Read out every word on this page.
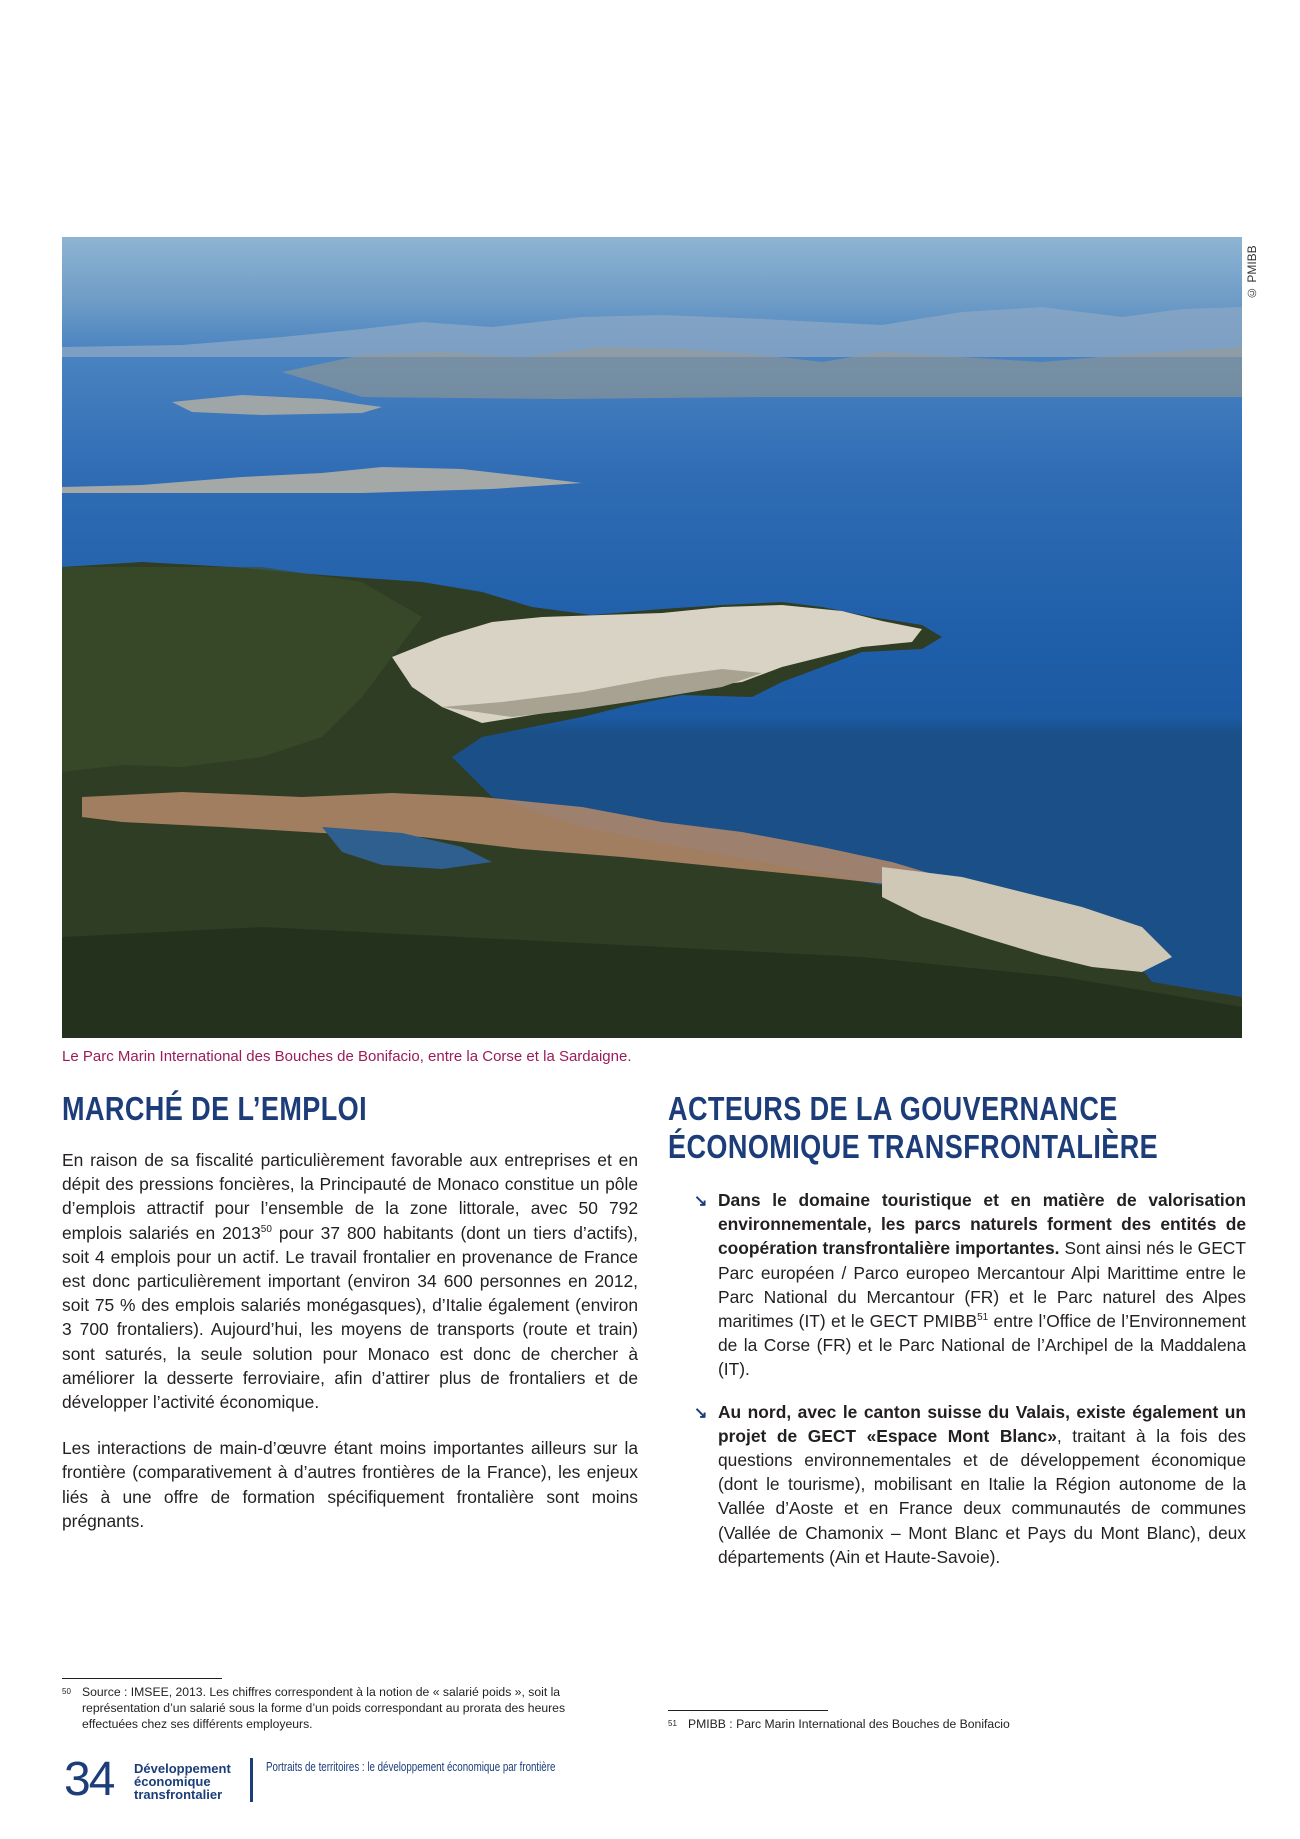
© PMIBB
Le Parc Marin International des Bouches de Bonifacio, entre la Corse et la Sardaigne.
MARCHÉ DE L’EMPLOI

En raison de sa fiscalité particulièrement favorable aux entreprises et en dépit des pressions foncières, la Principauté de Monaco constitue un pôle d’emplois attractif pour l’ensemble de la zone littorale, avec 50 792 emplois salariés en 2013$^{50}$ pour 37 800 habitants (dont un tiers d’actifs), soit 4 emplois pour un actif. Le travail frontalier en provenance de France est donc particulièrement important (environ 34 600 personnes en 2012, soit 75 % des emplois salariés monégasques), d’Italie également (environ 3 700 frontaliers). Aujourd’hui, les moyens de transports (route et train) sont saturés, la seule solution pour Monaco est donc de chercher à améliorer la desserte ferroviaire, afin d’attirer plus de frontaliers et de développer l’activité économique.

Les interactions de main-d’œuvre étant moins importantes ailleurs sur la frontière (comparativement à d’autres frontières de la France), les enjeux liés à une offre de formation spécifiquement frontalière sont moins prégnants.

ACTEURS DE LA GOUVERNANCE
ÉCONOMIQUE TRANSFRONTALIÈRE
↘ Dans le domaine touristique et en matière de valorisation environnementale, les parcs naturels forment des entités de coopération transfrontalière importantes. Sont ainsi nés le GECT Parc européen / Parco europeo Mercantour Alpi Marittime entre le Parc National du Mercantour (FR) et le Parc naturel des Alpes maritimes (IT) et le GECT PMIBB$^{51}$ entre l’Office de l’Environnement de la Corse (FR) et le Parc National de l’Archipel de la Maddalena (IT).
↘ Au nord, avec le canton suisse du Valais, existe également un projet de GECT «Espace Mont Blanc», traitant à la fois des questions environnementales et de développement économique (dont le tourisme), mobilisant en Italie la Région autonome de la Vallée d’Aoste et en France deux communautés de communes (Vallée de Chamonix – Mont Blanc et Pays du Mont Blanc), deux départements (Ain et Haute-Savoie).
50 Source : IMSEE, 2013. Les chiffres correspondent à la notion de « salarié poids », soit la représentation d’un salarié sous la forme d’un poids correspondant au prorata des heures effectuées chez ses différents employeurs.	51 PMIBB : Parc Marin International des Bouches de Bonifacio
34 Développement
économique
transfrontalier
Portraits de territoires : le développement économique par frontière
